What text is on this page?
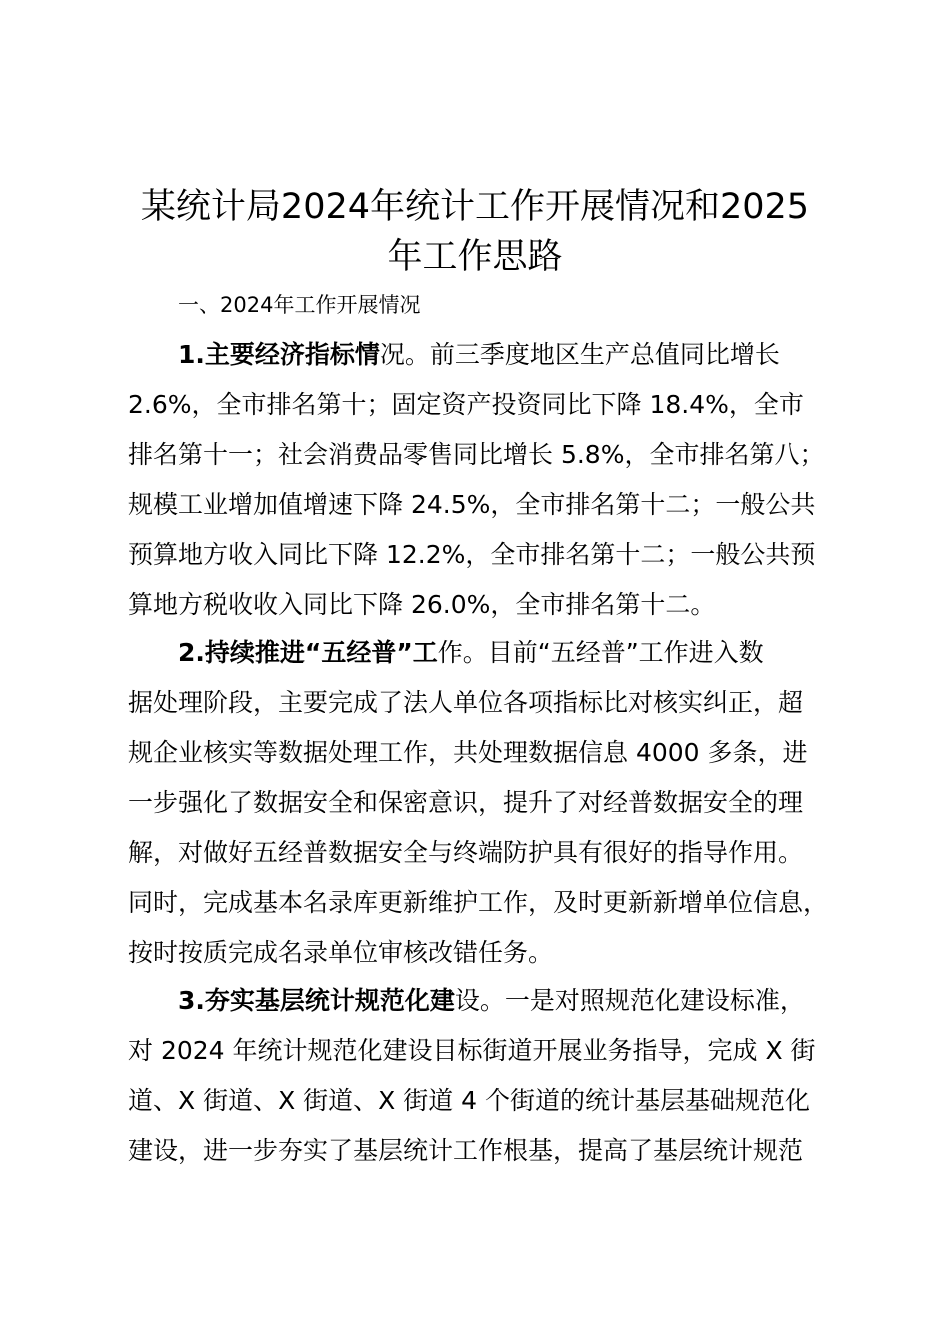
某统计局2024年统计工作开展情况和2025
年工作思路
一、2024年工作开展情况
1.主要经济指标情况。前三季度地区生产总值同比增长
2.6%，全市排名第十；固定资产投资同比下降 18.4%，全市
排名第十一；社会消费品零售同比增长 5.8%，全市排名第八；
规模工业增加值增速下降 24.5%，全市排名第十二；一般公共
预算地方收入同比下降 12.2%，全市排名第十二；一般公共预
算地方税收收入同比下降 26.0%，全市排名第十二。
2.持续推进“五经普”工作。目前“五经普”工作进入数
据处理阶段，主要完成了法人单位各项指标比对核实纠正，超
规企业核实等数据处理工作，共处理数据信息 4000 多条，进
一步强化了数据安全和保密意识，提升了对经普数据安全的理
解，对做好五经普数据安全与终端防护具有很好的指导作用。
同时，完成基本名录库更新维护工作，及时更新新增单位信息，
按时按质完成名录单位审核改错任务。
3.夯实基层统计规范化建设。一是对照规范化建设标准，
对 2024 年统计规范化建设目标街道开展业务指导，完成 X 街
道、X 街道、X 街道、X 街道 4 个街道的统计基层基础规范化
建设，进一步夯实了基层统计工作根基，提高了基层统计规范
